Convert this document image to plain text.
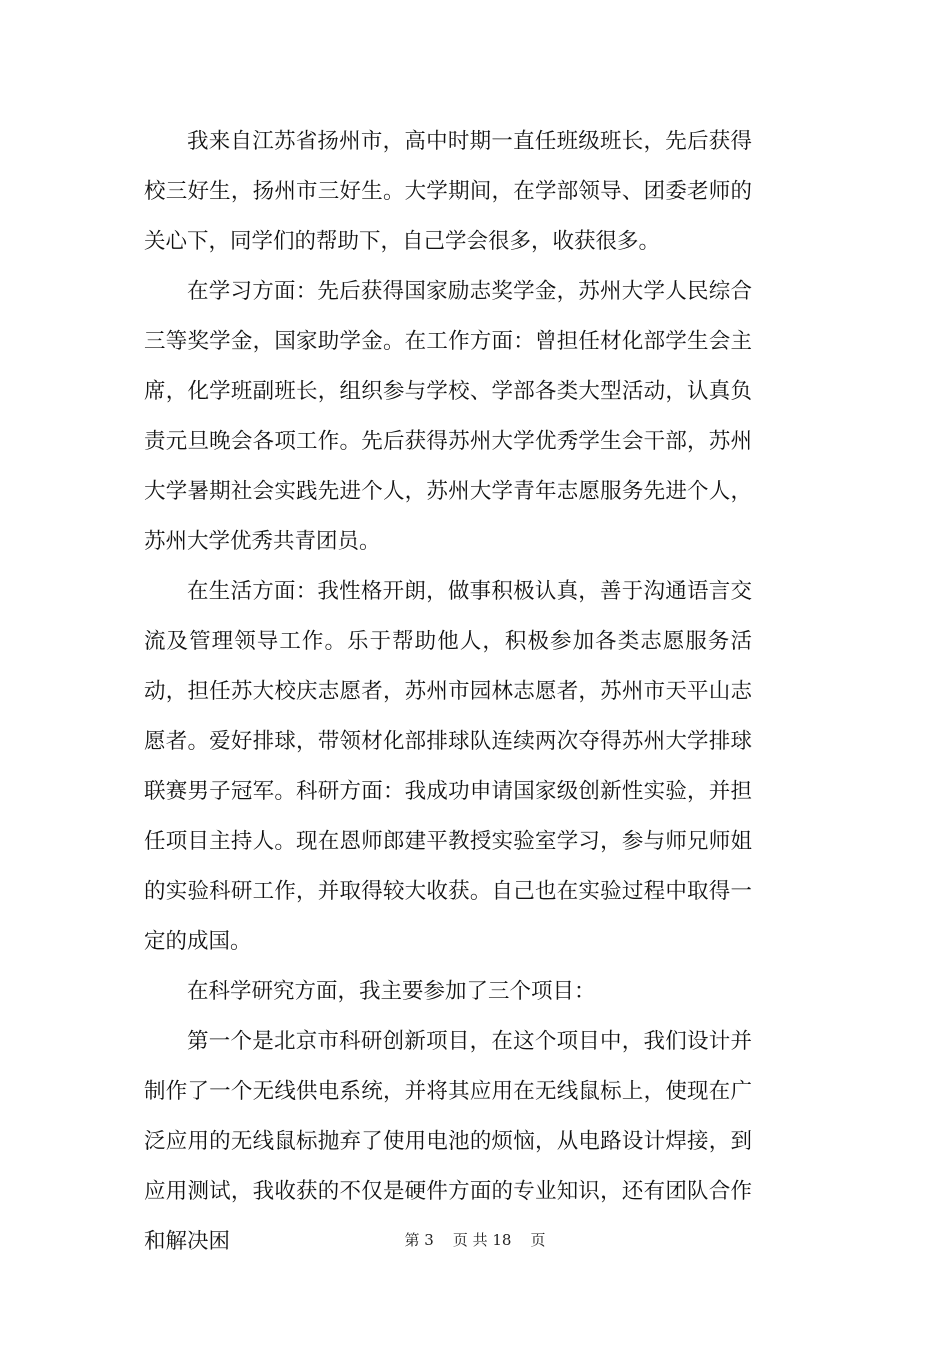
我来自江苏省扬州市，高中时期一直任班级班长，先后获得校三好生，扬州市三好生。大学期间，在学部领导、团委老师的关心下，同学们的帮助下，自己学会很多，收获很多。

在学习方面：先后获得国家励志奖学金，苏州大学人民综合三等奖学金，国家助学金。在工作方面：曾担任材化部学生会主席，化学班副班长，组织参与学校、学部各类大型活动，认真负责元旦晚会各项工作。先后获得苏州大学优秀学生会干部，苏州大学暑期社会实践先进个人，苏州大学青年志愿服务先进个人，苏州大学优秀共青团员。

在生活方面：我性格开朗，做事积极认真，善于沟通语言交流及管理领导工作。乐于帮助他人，积极参加各类志愿服务活动，担任苏大校庆志愿者，苏州市园林志愿者，苏州市天平山志愿者。爱好排球，带领材化部排球队连续两次夺得苏州大学排球联赛男子冠军。科研方面：我成功申请国家级创新性实验，并担任项目主持人。现在恩师郎建平教授实验室学习，参与师兄师姐的实验科研工作，并取得较大收获。自己也在实验过程中取得一定的成国。

在科学研究方面，我主要参加了三个项目：

第一个是北京市科研创新项目，在这个项目中，我们设计并制作了一个无线供电系统，并将其应用在无线鼠标上，使现在广泛应用的无线鼠标抛弃了使用电池的烦恼，从电路设计焊接，到应用测试，我收获的不仅是硬件方面的专业知识，还有团队合作和解决困	第 3    页 共 18    页
